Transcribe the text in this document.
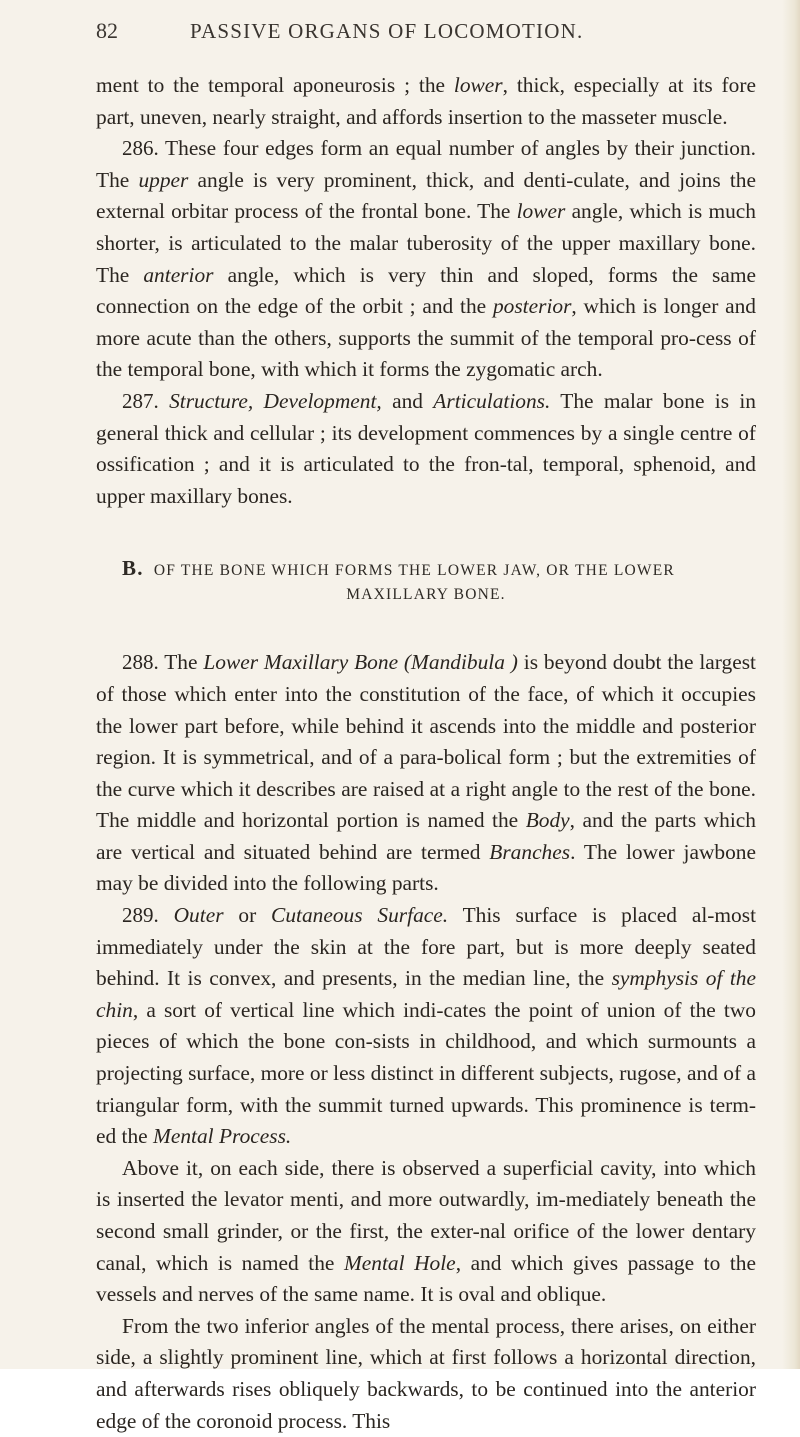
82	PASSIVE ORGANS OF LOCOMOTION.

ment to the temporal aponeurosis ; the lower, thick, especially at its fore part, uneven, nearly straight, and affords insertion to the masseter muscle.

286. These four edges form an equal number of angles by their junction. The upper angle is very prominent, thick, and denti-culate, and joins the external orbitar process of the frontal bone. The lower angle, which is much shorter, is articulated to the malar tuberosity of the upper maxillary bone. The anterior angle, which is very thin and sloped, forms the same connection on the edge of the orbit ; and the posterior, which is longer and more acute than the others, supports the summit of the temporal pro-cess of the temporal bone, with which it forms the zygomatic arch.

287. Structure, Development, and Articulations. The malar bone is in general thick and cellular ; its development commences by a single centre of ossification ; and it is articulated to the fron-tal, temporal, sphenoid, and upper maxillary bones.

B. OF THE BONE WHICH FORMS THE LOWER JAW, OR THE LOWER
MAXILLARY BONE.

288. The Lower Maxillary Bone (Mandibula ) is beyond doubt the largest of those which enter into the constitution of the face, of which it occupies the lower part before, while behind it ascends into the middle and posterior region. It is symmetrical, and of a para-bolical form ; but the extremities of the curve which it describes are raised at a right angle to the rest of the bone. The middle and horizontal portion is named the Body, and the parts which are vertical and situated behind are termed Branches. The lower jawbone may be divided into the following parts.

289. Outer or Cutaneous Surface. This surface is placed al-most immediately under the skin at the fore part, but is more deeply seated behind. It is convex, and presents, in the median line, the symphysis of the chin, a sort of vertical line which indi-cates the point of union of the two pieces of which the bone con-sists in childhood, and which surmounts a projecting surface, more or less distinct in different subjects, rugose, and of a triangular form, with the summit turned upwards. This prominence is term-ed the Mental Process.

Above it, on each side, there is observed a superficial cavity, into which is inserted the levator menti, and more outwardly, im-mediately beneath the second small grinder, or the first, the exter-nal orifice of the lower dentary canal, which is named the Mental Hole, and which gives passage to the vessels and nerves of the same name. It is oval and oblique.

From the two inferior angles of the mental process, there arises, on either side, a slightly prominent line, which at first follows a horizontal direction, and afterwards rises obliquely backwards, to be continued into the anterior edge of the coronoid process. This
